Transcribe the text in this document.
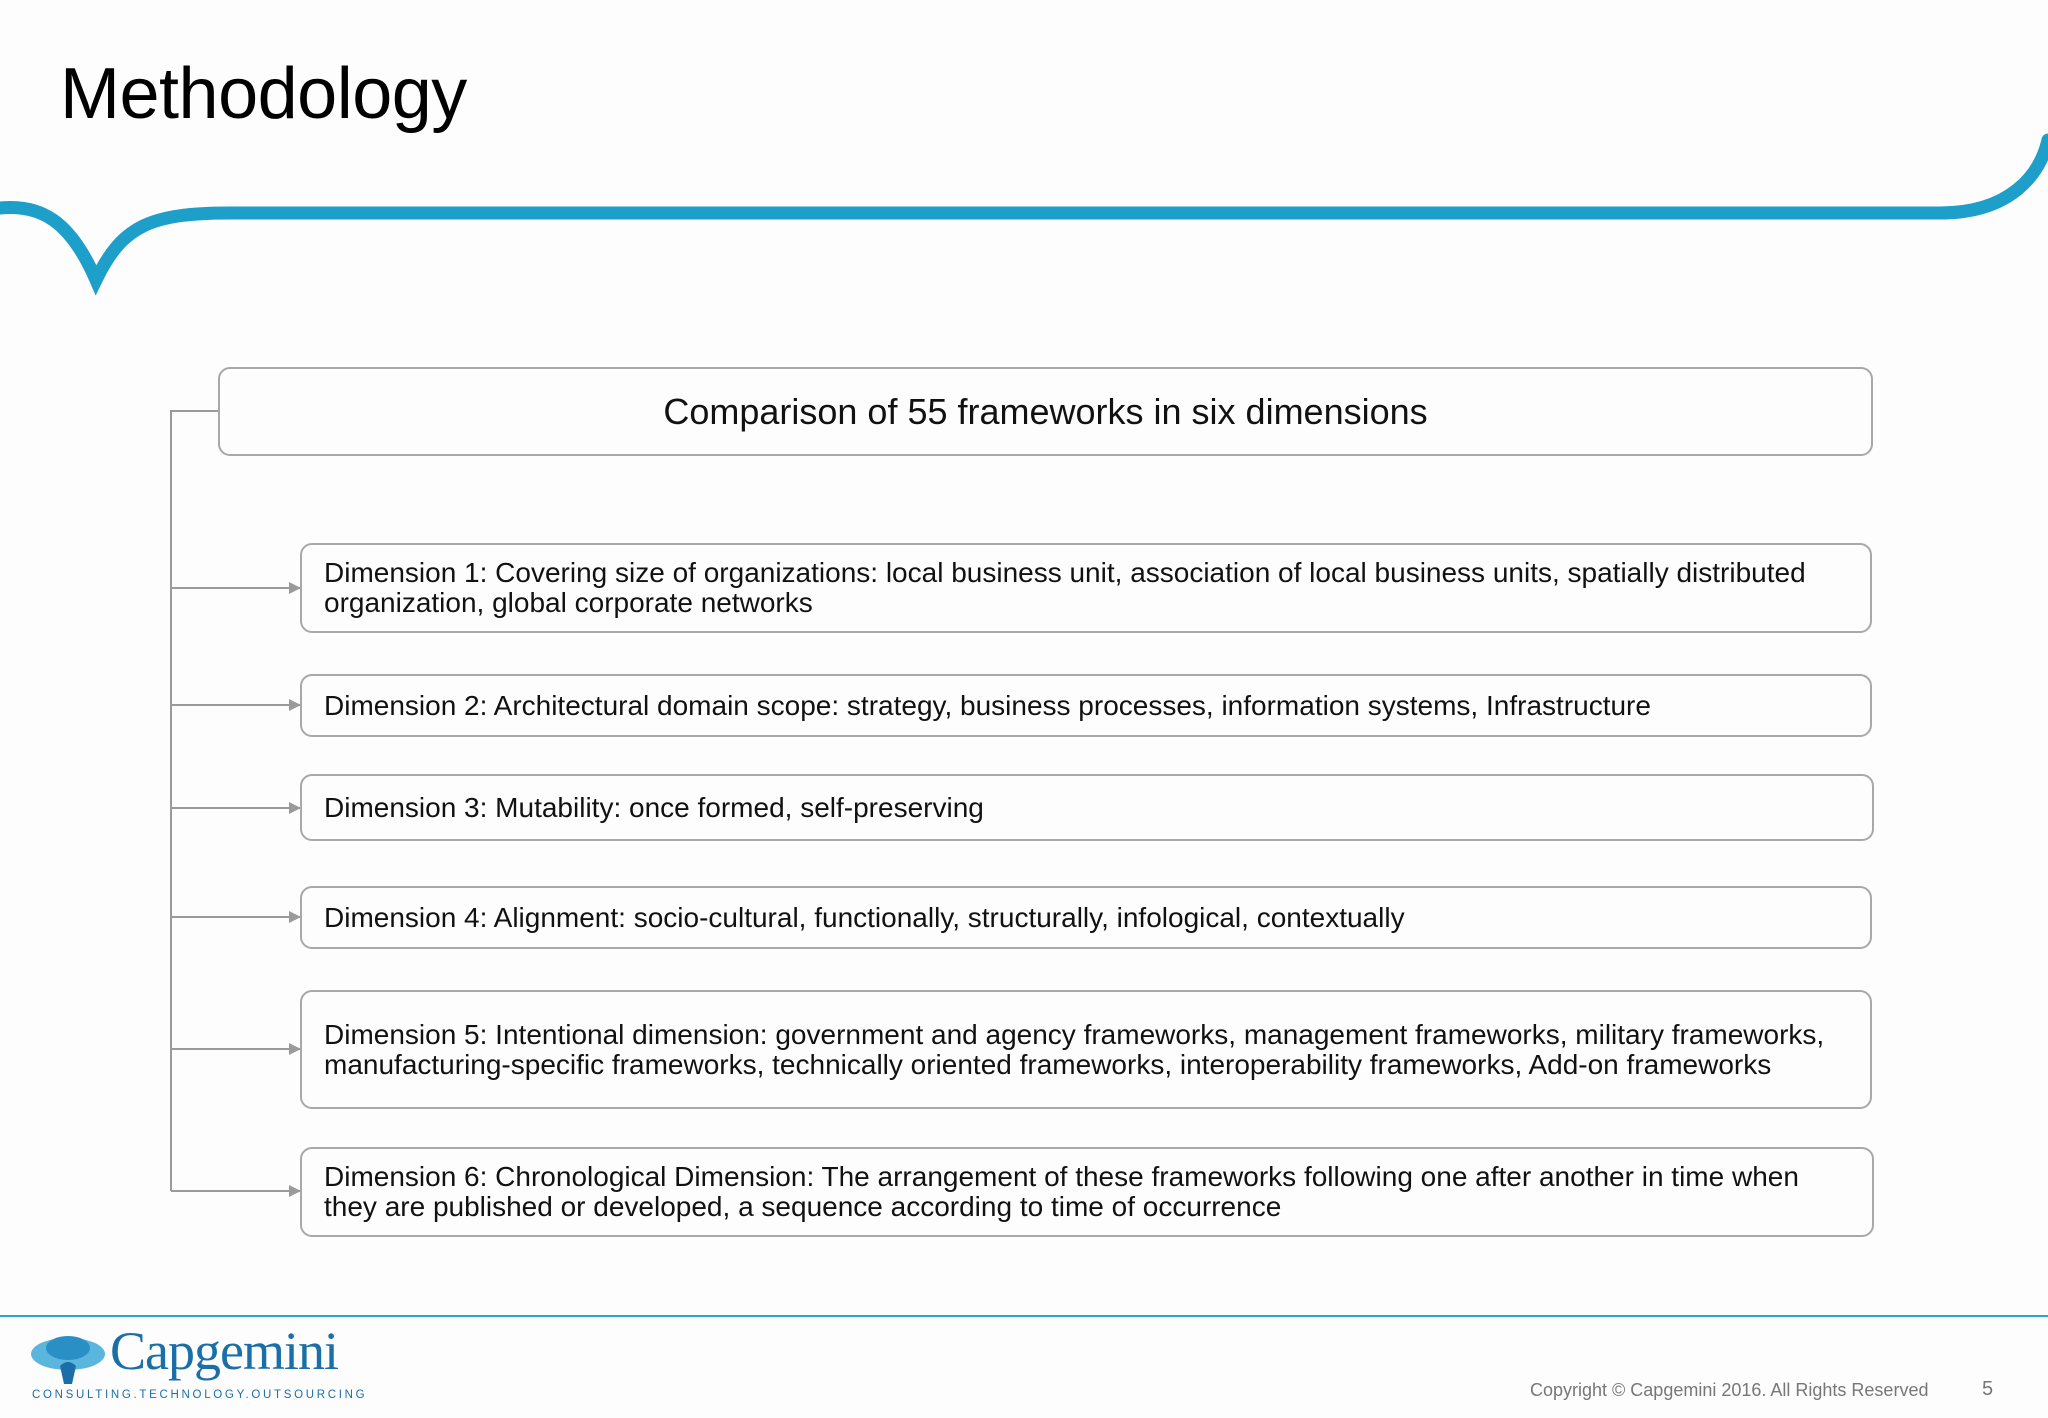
Methodology
Comparison of 55 frameworks in six dimensions
Dimension 1: Covering size of organizations: local business unit, association of local business units, spatially distributed organization, global corporate networks
Dimension 2: Architectural domain scope: strategy, business processes, information systems, Infrastructure
Dimension 3: Mutability: once formed, self-preserving
Dimension 4: Alignment: socio-cultural, functionally, structurally, infological, contextually
Dimension 5: Intentional dimension: government and agency frameworks, management frameworks, military frameworks, manufacturing-specific frameworks, technically oriented frameworks, interoperability frameworks, Add-on frameworks
Dimension 6: Chronological Dimension: The arrangement of these frameworks following one after another in time when they are published or developed, a sequence according to time of occurrence
Capgemini
CONSULTING.TECHNOLOGY.OUTSOURCING	Copyright © Capgemini 2016. All Rights Reserved	5
